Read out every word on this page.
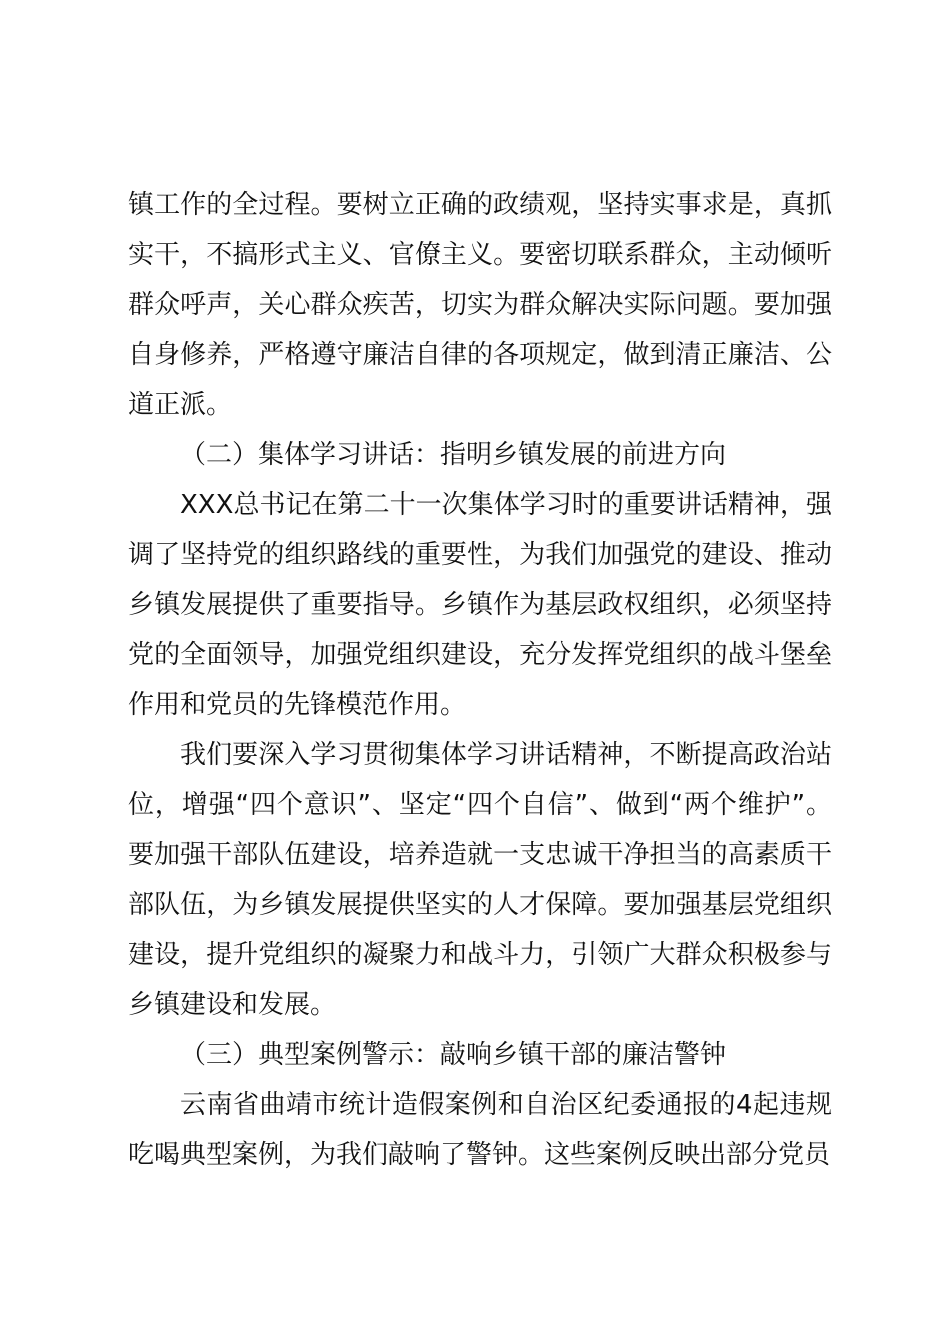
镇工作的全过程。要树立正确的政绩观，坚持实事求是，真抓实干，不搞形式主义、官僚主义。要密切联系群众，主动倾听群众呼声，关心群众疾苦，切实为群众解决实际问题。要加强自身修养，严格遵守廉洁自律的各项规定，做到清正廉洁、公道正派。

（二）集体学习讲话：指明乡镇发展的前进方向

XXX总书记在第二十一次集体学习时的重要讲话精神，强调了坚持党的组织路线的重要性，为我们加强党的建设、推动乡镇发展提供了重要指导。乡镇作为基层政权组织，必须坚持党的全面领导，加强党组织建设，充分发挥党组织的战斗堡垒作用和党员的先锋模范作用。

我们要深入学习贯彻集体学习讲话精神，不断提高政治站位，增强“四个意识”、坚定“四个自信”、做到“两个维护”。要加强干部队伍建设，培养造就一支忠诚干净担当的高素质干部队伍，为乡镇发展提供坚实的人才保障。要加强基层党组织建设，提升党组织的凝聚力和战斗力，引领广大群众积极参与乡镇建设和发展。

（三）典型案例警示：敲响乡镇干部的廉洁警钟

云南省曲靖市统计造假案例和自治区纪委通报的4起违规吃喝典型案例，为我们敲响了警钟。这些案例反映出部分党员
